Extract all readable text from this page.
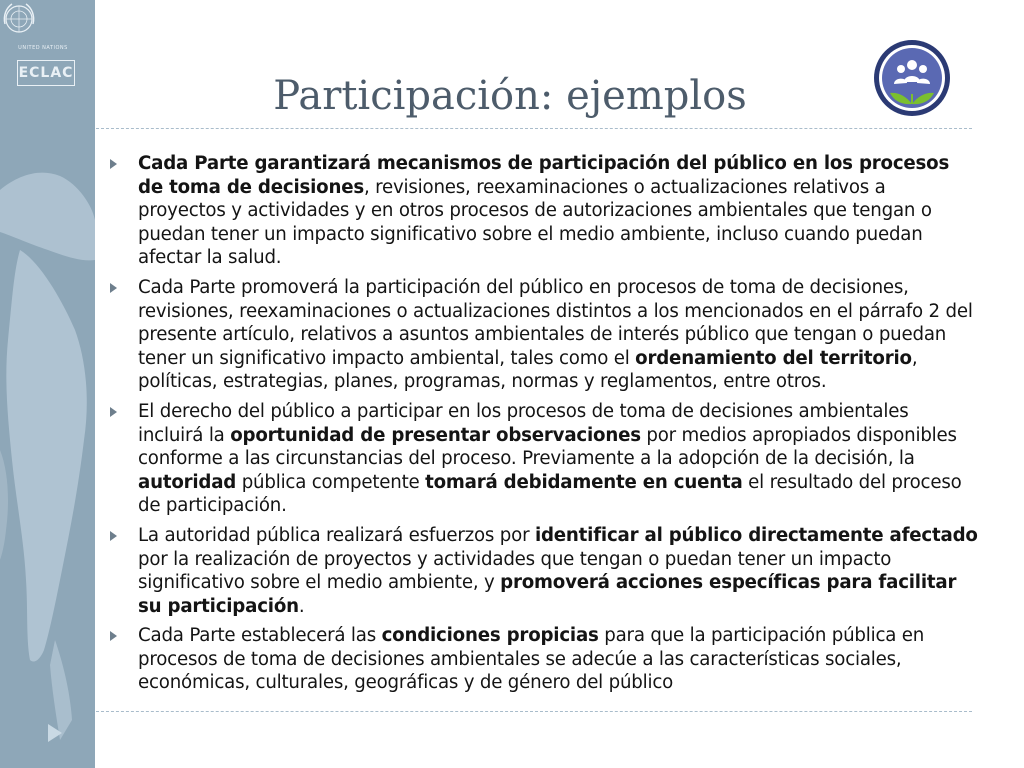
UNITED NATIONS
ECLAC	Participación: ejemplos
Cada Parte garantizará mecanismos de participación del público en los procesos de toma de decisiones, revisiones, reexaminaciones o actualizaciones relativos a proyectos y actividades y en otros procesos de autorizaciones ambientales que tengan o puedan tener un impacto significativo sobre el medio ambiente, incluso cuando puedan afectar la salud.
Cada Parte promoverá la participación del público en procesos de toma de decisiones, revisiones, reexaminaciones o actualizaciones distintos a los mencionados en el párrafo 2 del presente artículo, relativos a asuntos ambientales de interés público que tengan o puedan tener un significativo impacto ambiental, tales como el ordenamiento del territorio, políticas, estrategias, planes, programas, normas y reglamentos, entre otros.
El derecho del público a participar en los procesos de toma de decisiones ambientales incluirá la oportunidad de presentar observaciones por medios apropiados disponibles conforme a las circunstancias del proceso. Previamente a la adopción de la decisión, la autoridad pública competente tomará debidamente en cuenta el resultado del proceso de participación.
La autoridad pública realizará esfuerzos por identificar al público directamente afectado por la realización de proyectos y actividades que tengan o puedan tener un impacto significativo sobre el medio ambiente, y promoverá acciones específicas para facilitar su participación.
Cada Parte establecerá las condiciones propicias para que la participación pública en procesos de toma de decisiones ambientales se adecúe a las características sociales, económicas, culturales, geográficas y de género del público
